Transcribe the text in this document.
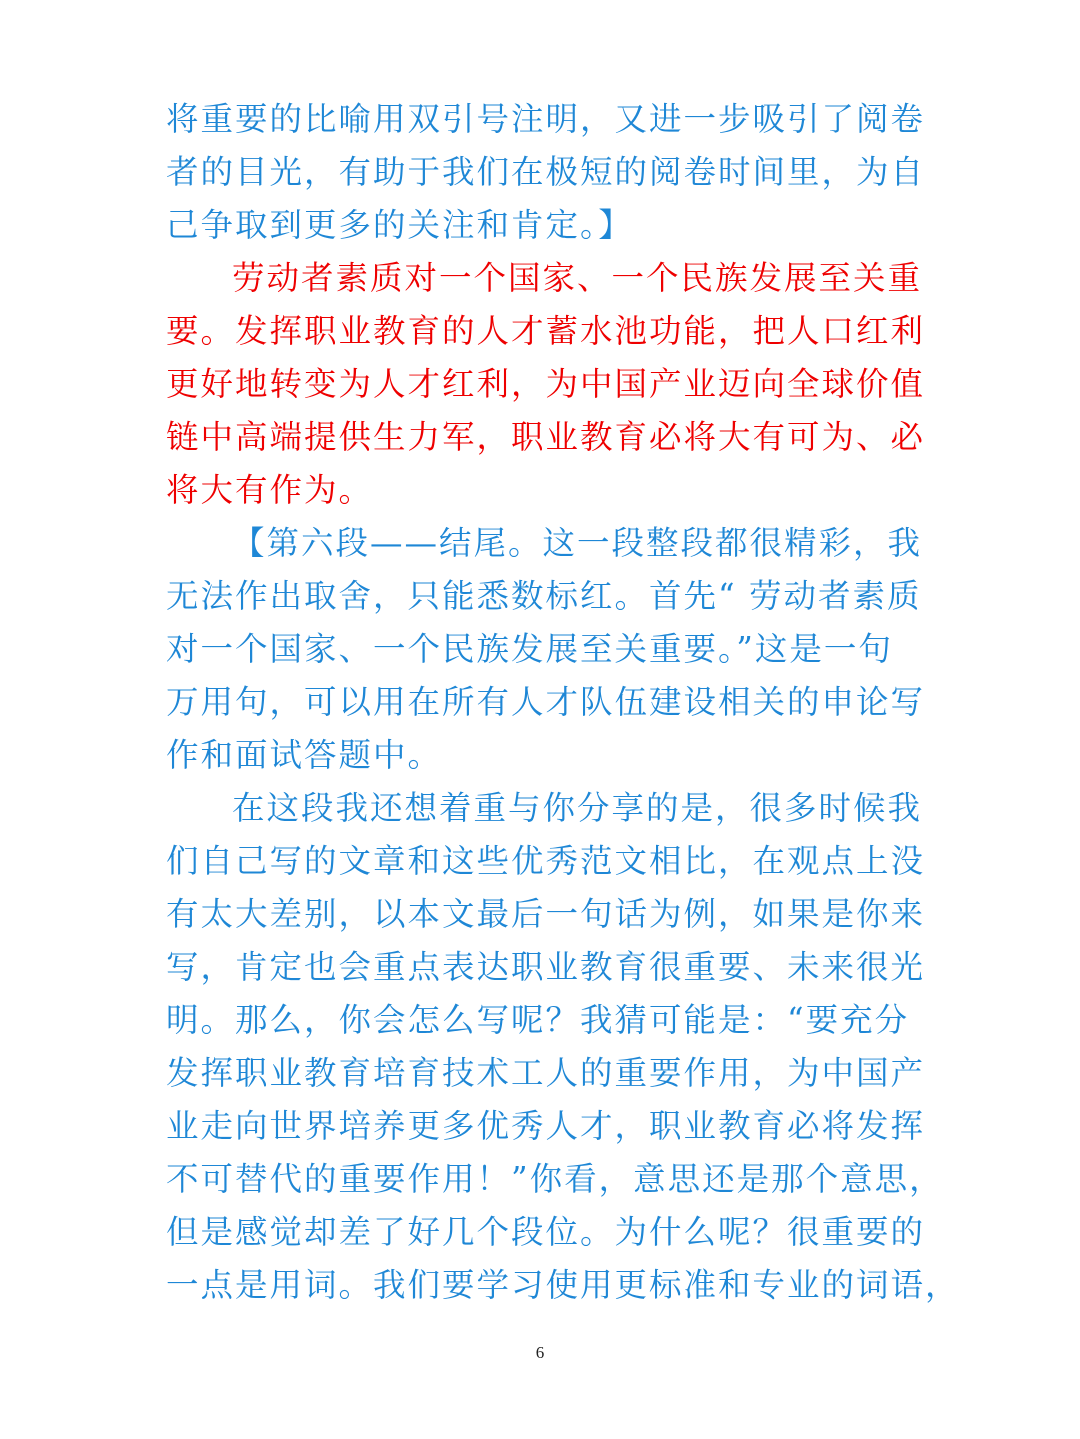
将重要的比喻用双引号注明，又进一步吸引了阅卷
者的目光，有助于我们在极短的阅卷时间里，为自
己争取到更多的关注和肯定。】

劳动者素质对一个国家、一个民族发展至关重
要。发挥职业教育的人才蓄水池功能，把人口红利
更好地转变为人才红利，为中国产业迈向全球价值
链中高端提供生力军，职业教育必将大有可为、必
将大有作为。

【第六段——结尾。这一段整段都很精彩，我
无法作出取舍，只能悉数标红。首先“ 劳动者素质
对一个国家、一个民族发展至关重要。”这是一句
万用句，可以用在所有人才队伍建设相关的申论写
作和面试答题中。

在这段我还想着重与你分享的是，很多时候我
们自己写的文章和这些优秀范文相比，在观点上没
有太大差别，以本文最后一句话为例，如果是你来
写，肯定也会重点表达职业教育很重要、未来很光
明。那么，你会怎么写呢？我猜可能是：“要充分
发挥职业教育培育技术工人的重要作用，为中国产
业走向世界培养更多优秀人才，职业教育必将发挥
不可替代的重要作用！”你看，意思还是那个意思，
但是感觉却差了好几个段位。为什么呢？很重要的
一点是用词。我们要学习使用更标准和专业的词语，

6
